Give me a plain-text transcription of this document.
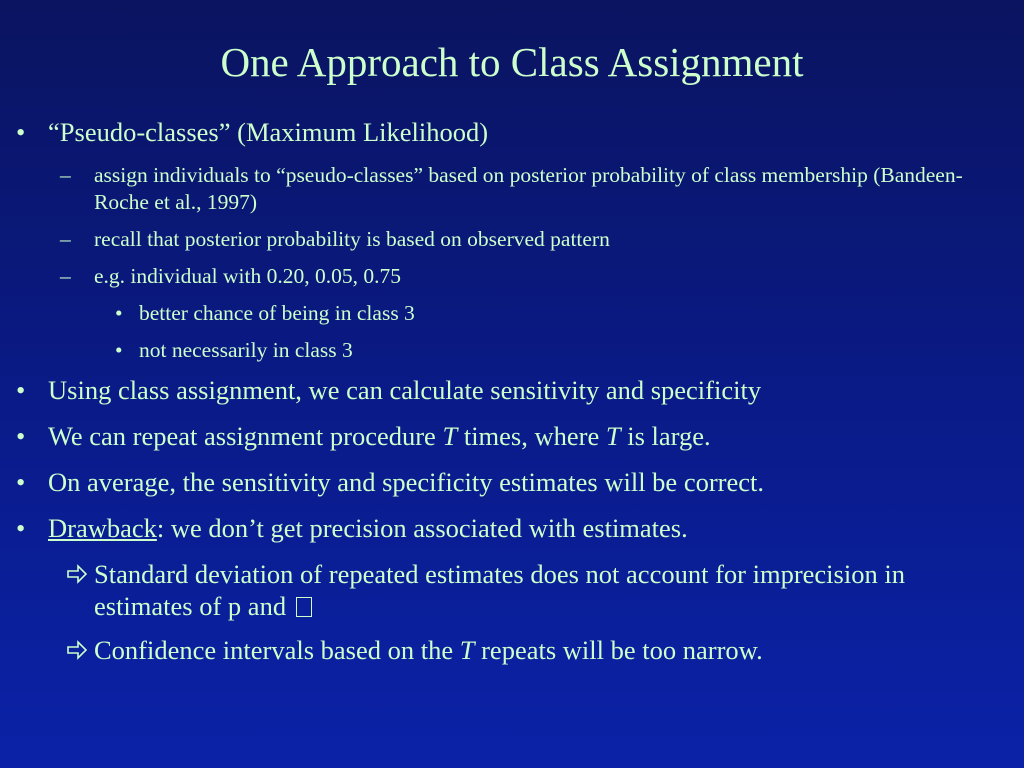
One Approach to Class Assignment
• “Pseudo-classes” (Maximum Likelihood)
–	assign individuals to “pseudo-classes” based on posterior probability of class membership (Bandeen-Roche et al., 1997)
–	recall that posterior probability is based on observed pattern
–	e.g. individual with 0.20, 0.05, 0.75
• better chance of being in class 3
• not necessarily in class 3
• Using class assignment, we can calculate sensitivity and specificity
• We can repeat assignment procedure T times, where T is large.
• On average, the sensitivity and specificity estimates will be correct.
• Drawback: we don’t get precision associated with estimates.
Standard deviation of repeated estimates does not account for imprecision in estimates of p and
Confidence intervals based on the T repeats will be too narrow.
